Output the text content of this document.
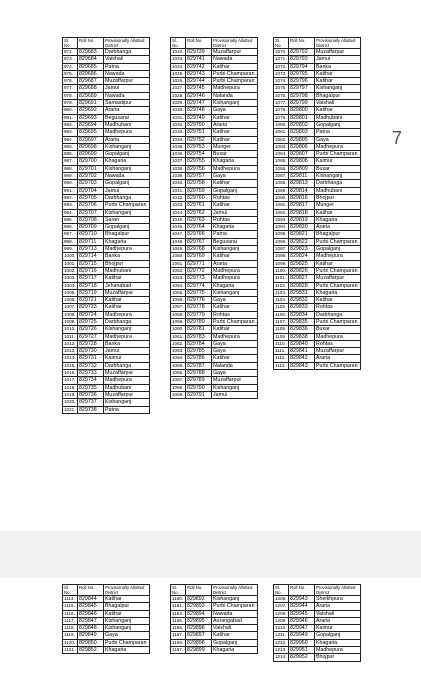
Sl. No.	Roll No.	Provisionally Allotted District
972.	829683	Darbhanga
973.	829684	Vaishali
974.	829685	Patna
975.	829686	Nawada
976.	829687	Muzaffarpur
977.	829688	Jamui
978.	829689	Nawada
979.	829691	Samastipur
980.	829692	Araria
981.	829693	Begusarai
982.	829694	Madhubani
983.	829695	Madhepura
984.	829697	Araria
985.	829698	Kishanganj
986.	829699	Gopalganj
987.	829700	Khagaria
988.	829701	Kishanganj
989.	829702	Nawada
990.	829703	Gopalganj
991.	829704	Jamui
992.	829705	Darbhanga
993.	829706	Purbi Champaran
994.	829707	Kishanganj
995.	829708	Saran
996.	829709	Gopalganj
997.	829710	Bhagalpur
998.	829711	Khagaria
999.	829713	Madhepura
1000.	829714	Banka
1001.	829715	Bhojpur
1002.	829716	Madhubani
1003.	829717	Katihar
1004.	829718	Jehanabad
1005.	829719	Muzaffarpur
1006.	829721	Katihar
1007.	829723	Katihar
1008.	829724	Madhepura
1009.	829725	Darbhanga
1010.	829726	Kishanganj
1011.	829727	Madhepura
1012.	829728	Banka
1013.	829730	Jamui
1014.	829731	Kaimur
1015.	829732	Darbhanga
1016.	829733	Muzaffarpur
1017.	829734	Madhepura
1018.	829735	Madhubani
1019.	829736	Muzaffarpur
1020.	829737	Kishanganj
1021.	829738	Patna
Sl. No.	Roll No.	Provisionally Allotted District
1022.	829739	Muzaffarpur
1023.	829741	Nawada
1024.	829742	Katihar
1025.	829743	Purbi Champaran
1026.	829744	Purbi Champaran
1027.	829745	Madhepura
1028.	829746	Nalanda
1029.	829747	Kishanganj
1030.	829748	Gaya
1031.	829749	Katihar
1032.	829750	Araria
1033.	829751	Katihar
1034.	829752	Katihar
1035.	829753	Munger
1036.	829754	Buxar
1037.	829755	Khagaria
1038.	829756	Madhepura
1039.	829757	Gaya
1040.	829758	Katihar
1041.	829759	Gopalganj
1042.	829760	Rohtas
1043.	829761	Katihar
1044.	829762	Jamui
1045.	829763	Rohtas
1046.	829764	Khagaria
1047.	829766	Patna
1048.	829767	Begusarai
1049.	829768	Kishanganj
1050.	829769	Katihar
1051.	829771	Araria
1052.	829772	Madhepura
1053.	829773	Madhepura
1054.	829774	Khagaria
1055.	829775	Kishanganj
1056.	829776	Gaya
1057.	829778	Katihar
1058.	829779	Rohtas
1059.	829780	Purbi Champaran
1060.	829781	Katihar
1061.	829783	Madhepura
1062.	829784	Gaya
1063.	829785	Gaya
1064.	829786	Katihar
1065.	829787	Nalanda
1066.	829788	Gaya
1067.	829789	Muzaffarpur
1068.	829790	Kishanganj
1069.	829791	Jamui
Sl. No.	Roll No.	Provisionally Allotted District
1070.	829792	Muzaffarpur
1071.	829793	Jamui
1072.	829794	Banka
1073.	829795	Katihar
1074.	829796	Katihar
1075.	829797	Kishanganj
1076.	829798	Bhagalpur
1077.	829799	Vaishali
1078.	829800	Katihar
1079.	829801	Madhubani
1080.	829802	Gopalganj
1081.	829803	Patna
1082.	829805	Gaya
1083.	829806	Madhepura
1084.	829807	Purbi Champaran
1085.	829808	Kaimur
1086.	829809	Buxar
1087.	829811	Kishanganj
1088.	829813	Darbhanga
1089.	829814	Madhubani
1090.	829816	Bhojpur
1091.	829817	Munger
1092.	829818	Katihar
1093.	829819	Khagaria
1094.	829820	Araria
1095.	829821	Bhagalpur
1096.	829822	Purbi Champaran
1097.	829823	Gopalganj
1098.	829824	Madhepura
1099.	829825	Katihar
1100.	829826	Purbi Champaran
1101.	829827	Muzaffarpur
1102.	829828	Purbi Champaran
1103.	829831	Khagaria
1104.	829832	Katihar
1105.	829833	Rohtas
1106.	829834	Darbhanga
1107.	829835	Purbi Champaran
1108.	829836	Buxar
1109.	829838	Madhepura
1110.	829840	Rohtas
1111.	829841	Muzaffarpur
1112.	829842	Araria
1113.	829843	Purbi Champaran
7
Sl. No.	Roll No.	Provisionally Allotted District
1114.	829844	Katihar
1115.	829845	Bhagalpur
1116.	829846	Katihar
1117.	829847	Kishanganj
1118.	829848	Kishanganj
1119.	829849	Gaya
1120.	829850	Purbi Champaran
1121.	829852	Khagaria
Sl. No.	Roll No.	Provisionally Allotted District
1160.	829892	Kishanganj
1161.	829893	Purbi Champaran
1163.	829894	Nawada
1165.	829895	Aurangabad
1166.	829896	Vaishali
1167.	829897	Katihar
1166.	829898	Gopalganj
1167.	829899	Khagaria
Sl. No.	Roll No.	Provisionally Allotted District
1206.	829943	Sheikhpura
1207.	829944	Araria
1208.	829945	Vaishali
1209.	829946	Araria
1210.	829947	Kaimur
1211.	829949	Gopalganj
1212.	829950	Khagaria
1213.	829951	Madhepura
1214.	829952	Bhojpur
